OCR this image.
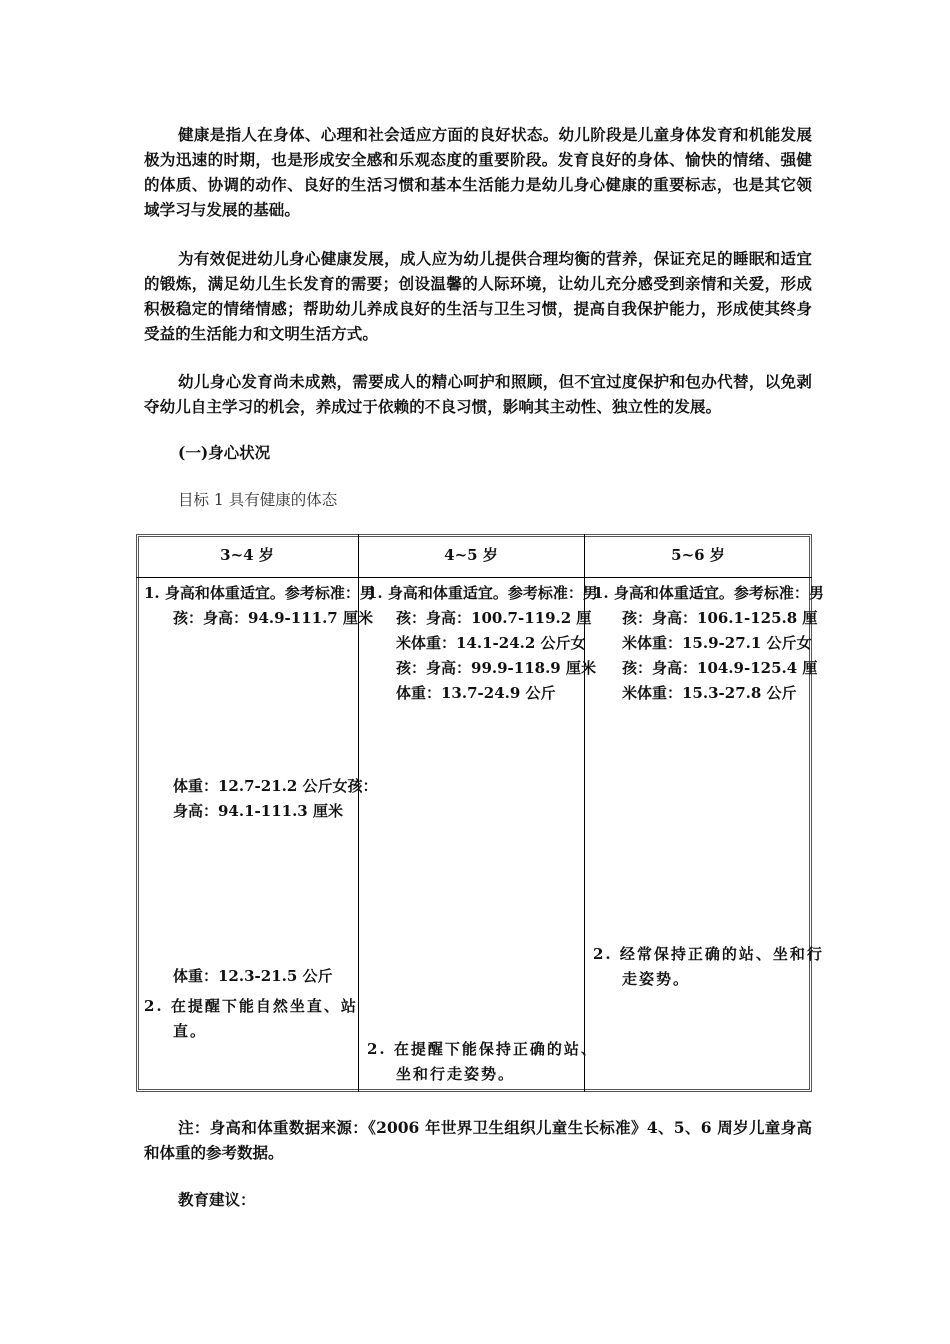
健康是指人在身体、心理和社会适应方面的良好状态。幼儿阶段是儿童身体发育和机能发展极为迅速的时期，也是形成安全感和乐观态度的重要阶段。发育良好的身体、愉快的情绪、强健的体质、协调的动作、良好的生活习惯和基本生活能力是幼儿身心健康的重要标志，也是其它领域学习与发展的基础。

为有效促进幼儿身心健康发展，成人应为幼儿提供合理均衡的营养，保证充足的睡眠和适宜的锻炼，满足幼儿生长发育的需要；创设温馨的人际环境，让幼儿充分感受到亲情和关爱，形成积极稳定的情绪情感；帮助幼儿养成良好的生活与卫生习惯，提高自我保护能力，形成使其终身受益的生活能力和文明生活方式。

幼儿身心发育尚未成熟，需要成人的精心呵护和照顾，但不宜过度保护和包办代替，以免剥夺幼儿自主学习的机会，养成过于依赖的不良习惯，影响其主动性、独立性的发展。

(一)身心状况

目标 1 具有健康的体态

3~4 岁	4~5 岁	5~6 岁

1. 身高和体重适宜。参考标准：男孩：身高：94.9-111.7 厘米

体重：12.7-21.2 公斤女孩：身高：94.1-111.3 厘米

体重：12.3-21.5 公斤

2. 在提醒下能自然坐直、站直。

1. 身高和体重适宜。参考标准：男孩：身高：100.7-119.2 厘米体重：14.1-24.2 公斤女孩：身高：99.9-118.9 厘米体重：13.7-24.9 公斤

2. 在提醒下能保持正确的站、坐和行走姿势。

1. 身高和体重适宜。参考标准：男孩：身高：106.1-125.8 厘米体重：15.9-27.1 公斤女孩：身高：104.9-125.4 厘米体重：15.3-27.8 公斤

2. 经常保持正确的站、坐和行走姿势。

注：身高和体重数据来源：《2006 年世界卫生组织儿童生长标准》4、5、6 周岁儿童身高和体重的参考数据。

教育建议：
